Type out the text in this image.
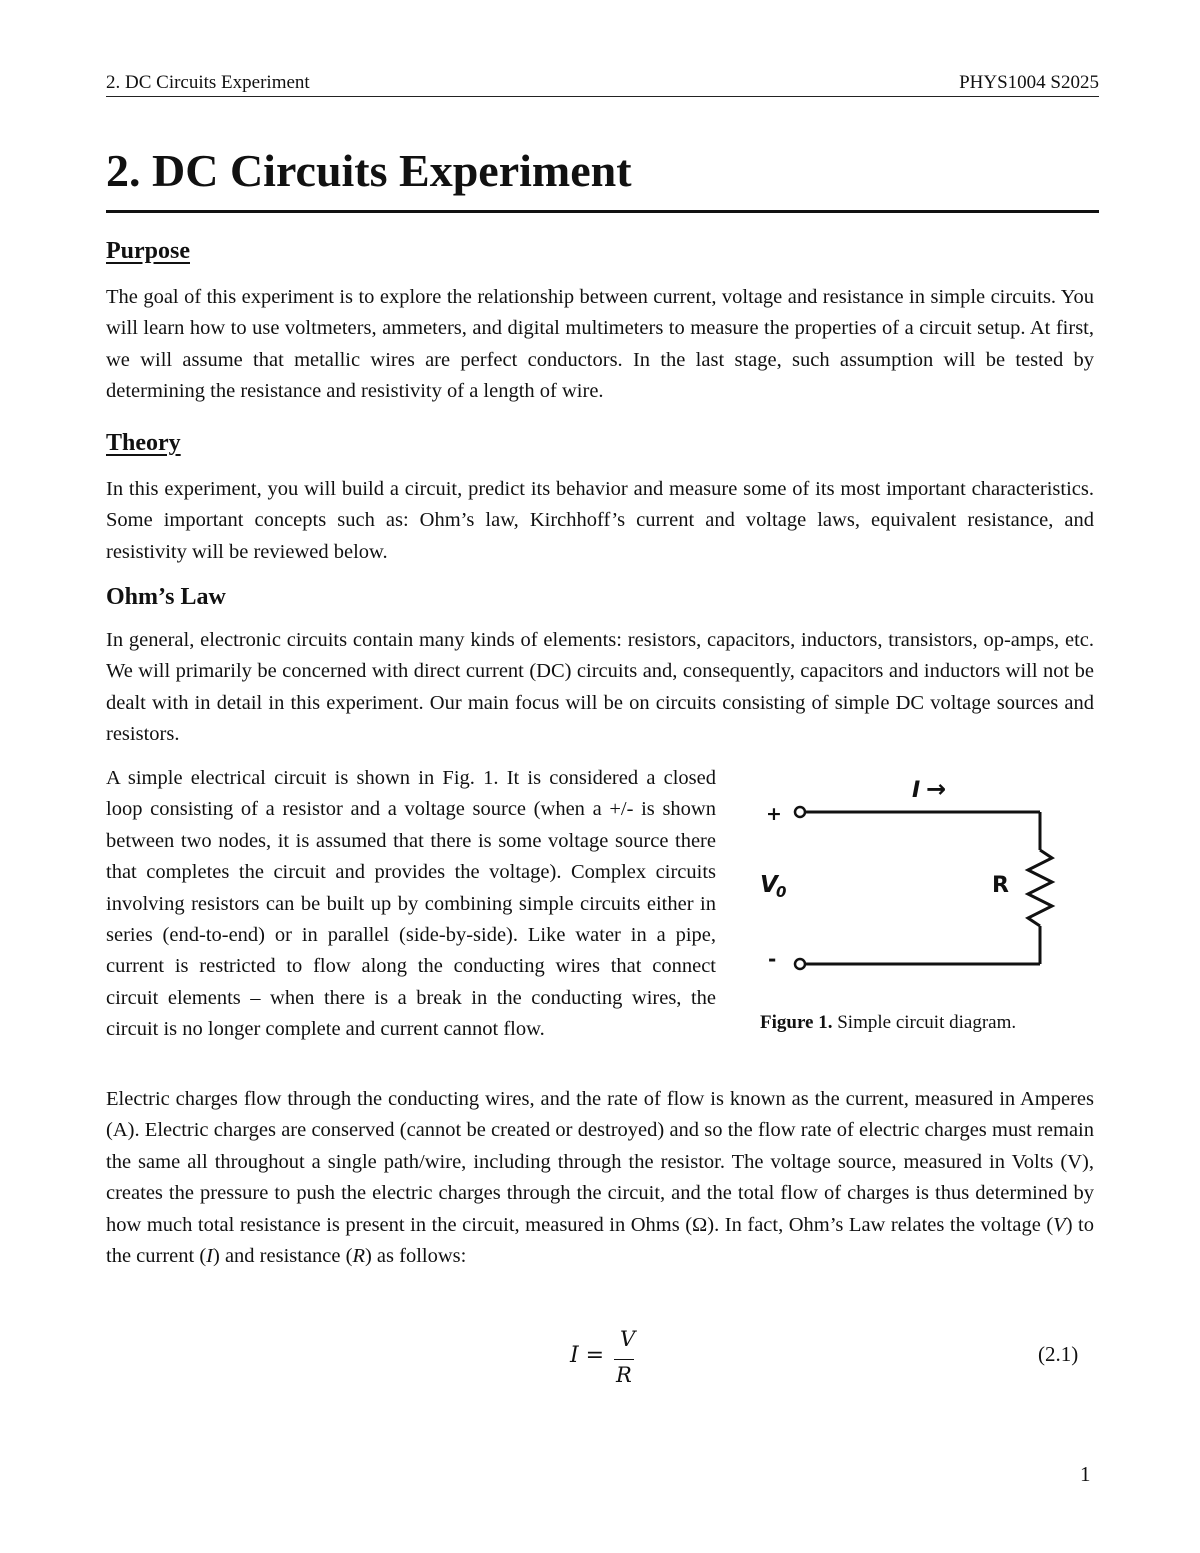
2. DC Circuits Experiment	PHYS1004 S2025
2. DC Circuits Experiment
Purpose

The goal of this experiment is to explore the relationship between current, voltage and resistance in simple circuits. You will learn how to use voltmeters, ammeters, and digital multimeters to measure the properties of a circuit setup. At first, we will assume that metallic wires are perfect conductors. In the last stage, such assumption will be tested by determining the resistance and resistivity of a length of wire.

Theory

In this experiment, you will build a circuit, predict its behavior and measure some of its most important characteristics. Some important concepts such as: Ohm’s law, Kirchhoff’s current and voltage laws, equivalent resistance, and resistivity will be reviewed below.

Ohm’s Law

In general, electronic circuits contain many kinds of elements: resistors, capacitors, inductors, transistors, op-amps, etc. We will primarily be concerned with direct current (DC) circuits and, consequently, capacitors and inductors will not be dealt with in detail in this experiment. Our main focus will be on circuits consisting of simple DC voltage sources and resistors.

A simple electrical circuit is shown in Fig. 1. It is considered a closed loop consisting of a resistor and a voltage source (when a +/- is shown between two nodes, it is assumed that there is some voltage source there that completes the circuit and provides the voltage). Complex circuits involving resistors can be built up by combining simple circuits either in series (end-to-end) or in parallel (side-by-side). Like water in a pipe, current is restricted to flow along the conducting wires that connect circuit elements – when there is a break in the conducting wires, the circuit is no longer complete and current cannot flow.

+
-
I →
V
0	R

Figure 1. Simple circuit diagram.

Electric charges flow through the conducting wires, and the rate of flow is known as the current, measured in Amperes (A). Electric charges are conserved (cannot be created or destroyed) and so the flow rate of electric charges must remain the same all throughout a single path/wire, including through the resistor. The voltage source, measured in Volts (V), creates the pressure to push the electric charges through the circuit, and the total flow of charges is thus determined by how much total resistance is present in the circuit, measured in Ohms (Ω). In fact, Ohm’s Law relates the voltage (V) to the current (I) and resistance (R) as follows:

I =
V
R
(2.1)
1
